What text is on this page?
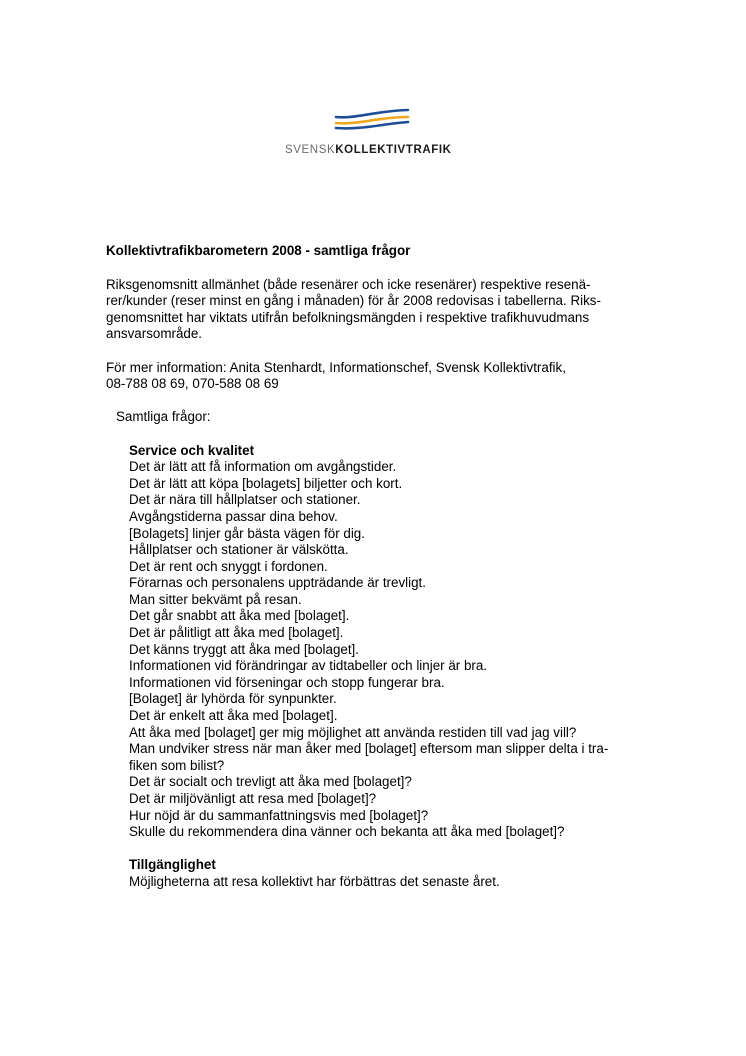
SVENSKKOLLEKTIVTRAFIK

Kollektivtrafikbarometern 2008 - samtliga frågor

Riksgenomsnitt allmänhet (både resenärer och icke resenärer) respektive resenä-
rer/kunder (reser minst en gång i månaden) för år 2008 redovisas i tabellerna. Riks-
genomsnittet har viktats utifrån befolkningsmängden i respektive trafikhuvudmans
ansvarsområde.
För mer information: Anita Stenhardt, Informationschef, Svensk Kollektivtrafik,
08-788 08 69, 070-588 08 69
Samtliga frågor:
Service och kvalitet
Det är lätt att få information om avgångstider.
Det är lätt att köpa [bolagets] biljetter och kort.
Det är nära till hållplatser och stationer.
Avgångstiderna passar dina behov.
[Bolagets] linjer går bästa vägen för dig.
Hållplatser och stationer är välskötta.
Det är rent och snyggt i fordonen.
Förarnas och personalens uppträdande är trevligt.
Man sitter bekvämt på resan.
Det går snabbt att åka med [bolaget].
Det är pålitligt att åka med [bolaget].
Det känns tryggt att åka med [bolaget].
Informationen vid förändringar av tidtabeller och linjer är bra.
Informationen vid förseningar och stopp fungerar bra.
[Bolaget] är lyhörda för synpunkter.
Det är enkelt att åka med [bolaget].
Att åka med [bolaget] ger mig möjlighet att använda restiden till vad jag vill?
Man undviker stress när man åker med [bolaget] eftersom man slipper delta i tra-
fiken som bilist?
Det är socialt och trevligt att åka med [bolaget]?
Det är miljövänligt att resa med [bolaget]?
Hur nöjd är du sammanfattningsvis med [bolaget]?
Skulle du rekommendera dina vänner och bekanta att åka med [bolaget]?
Tillgänglighet
Möjligheterna att resa kollektivt har förbättras det senaste året.
